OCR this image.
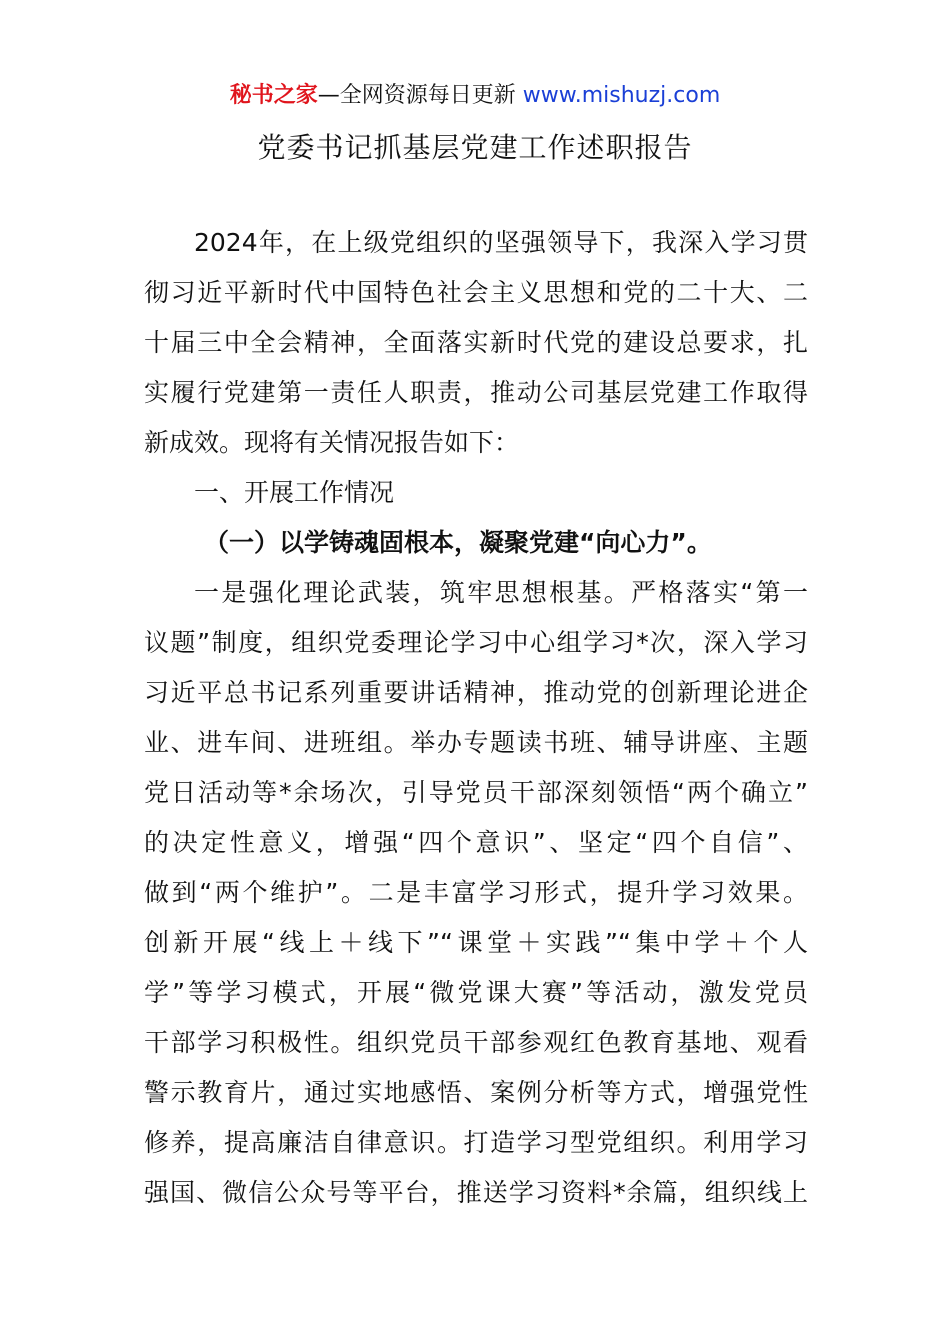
秘书之家—全网资源每日更新 www.mishuzj.com
党委书记抓基层党建工作述职报告
2024年，在上级党组织的坚强领导下，我深入学习贯
彻习近平新时代中国特色社会主义思想和党的二十大、二
十届三中全会精神，全面落实新时代党的建设总要求，扎
实履行党建第一责任人职责，推动公司基层党建工作取得
新成效。现将有关情况报告如下：
一、开展工作情况
（一）以学铸魂固根本，凝聚党建“向心力”。
一是强化理论武装，筑牢思想根基。严格落实“第一
议题”制度，组织党委理论学习中心组学习*次，深入学习
习近平总书记系列重要讲话精神，推动党的创新理论进企
业、进车间、进班组。举办专题读书班、辅导讲座、主题
党日活动等*余场次，引导党员干部深刻领悟“两个确立”
的决定性意义，增强“四个意识”、坚定“四个自信”、
做到“两个维护”。二是丰富学习形式，提升学习效果。
创新开展“线上＋线下”“课堂＋实践”“集中学＋个人
学”等学习模式，开展“微党课大赛”等活动，激发党员
干部学习积极性。组织党员干部参观红色教育基地、观看
警示教育片，通过实地感悟、案例分析等方式，增强党性
修养，提高廉洁自律意识。打造学习型党组织。利用学习
强国、微信公众号等平台，推送学习资料*余篇，组织线上
